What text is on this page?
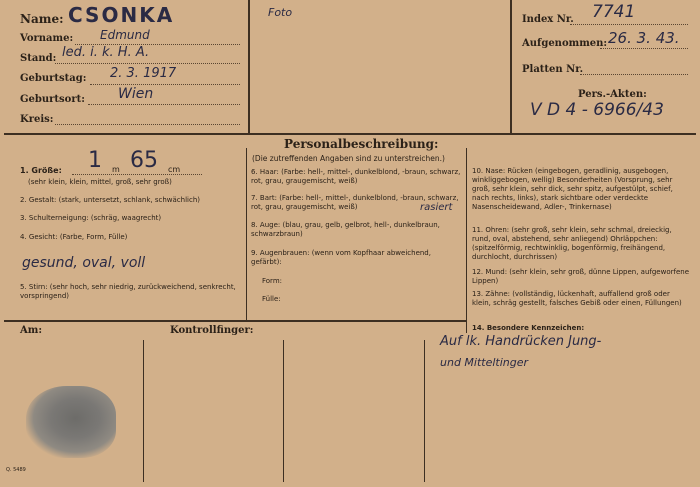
Name: CSONKA
Vorname: Edmund
Stand: led. i. k. H. A.
Geburtstag: 2. 3. 1917
Geburtsort: Wien
Kreis:
Foto
Index Nr. 7741
Aufgenommen: 26. 3. 43.
Platten Nr.
Pers.-Akten:
V D 4 - 6966/43
Personalbeschreibung:
(Die zutreffenden Angaben sind zu unterstreichen.)
1. Größe: 1 m 65 cm
(sehr klein, klein, mittel, groß, sehr groß)
2. Gestalt: (stark, untersetzt, schlank, schwächlich)
3. Schulterneigung: (schräg, waagrecht)
4. Gesicht: (Farbe, Form, Fülle)
gesund, oval, voll
5. Stirn: (sehr hoch, sehr niedrig, zurückweichend, senkrecht, vorspringend)
6. Haar: (Farbe: hell-, mittel-, dunkelblond, -braun, schwarz, rot, grau, graugemischt, weiß)
7. Bart: (Farbe: hell-, mittel-, dunkelblond, -braun, schwarz, rot, grau, graugemischt, weiß)	rasiert
8. Auge: (blau, grau, gelb, gelbrot, hell-, dunkelbraun, schwarzbraun)
9. Augenbrauen: (wenn vom Kopfhaar abweichend, gefärbt):
Form:
Fülle:
10. Nase: Rücken (eingebogen, geradlinig, ausgebogen, winkliggebogen, wellig) Besonderheiten (Vorsprung, sehr groß, sehr klein, sehr dick, sehr spitz, aufgestülpt, schief, nach rechts, links), stark sichtbare oder verdeckte Nasenscheidewand, Adler-, Trinkernase)
11. Ohren: (sehr groß, sehr klein, sehr schmal, dreieckig, rund, oval, abstehend, sehr anliegend) Ohrläppchen: (spitzelförmig, rechtwinklig, bogenförmig, freihängend, durchlocht, durchrissen)
12. Mund: (sehr klein, sehr groß, dünne Lippen, aufgeworfene Lippen)
13. Zähne: (vollständig, lückenhaft, auffallend groß oder klein, schräg gestellt, falsches Gebiß oder einen, Füllungen)
14. Besondere Kennzeichen:
Auf lk. Handrücken Jung-
und Mitteltinger
Am:	Kontrollfinger:
Q. 5489
